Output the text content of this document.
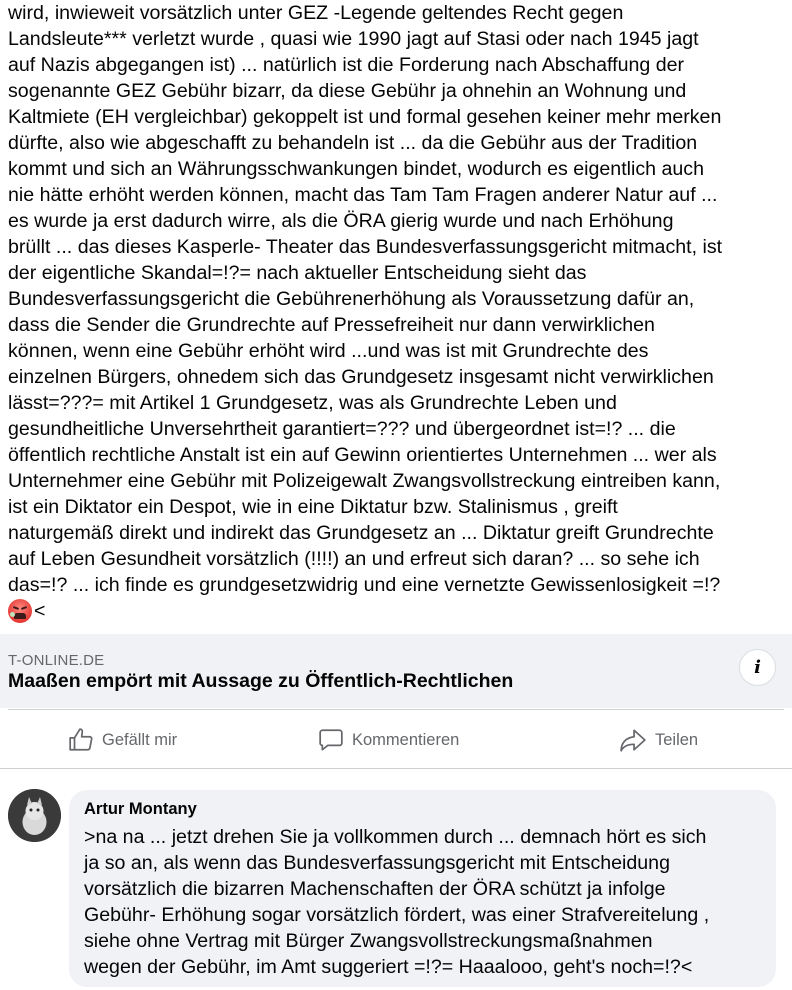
wird, inwieweit vorsätzlich unter GEZ -Legende geltendes Recht gegen
Landsleute*** verletzt wurde , quasi wie 1990 jagt auf Stasi oder nach 1945 jagt
auf Nazis abgegangen ist) ... natürlich ist die Forderung nach Abschaffung der
sogenannte GEZ Gebühr bizarr, da diese Gebühr ja ohnehin an Wohnung und
Kaltmiete (EH vergleichbar) gekoppelt ist und formal gesehen keiner mehr merken
dürfte, also wie abgeschafft zu behandeln ist ... da die Gebühr aus der Tradition
kommt und sich an Währungsschwankungen bindet, wodurch es eigentlich auch
nie hätte erhöht werden können, macht das Tam Tam Fragen anderer Natur auf ...
es wurde ja erst dadurch wirre, als die ÖRA gierig wurde und nach Erhöhung
brüllt ... das dieses Kasperle- Theater das Bundesverfassungsgericht mitmacht, ist
der eigentliche Skandal=!?= nach aktueller Entscheidung sieht das
Bundesverfassungsgericht die Gebührenerhöhung als Voraussetzung dafür an,
dass die Sender die Grundrechte auf Pressefreiheit nur dann verwirklichen
können, wenn eine Gebühr erhöht wird ...und was ist mit Grundrechte des
einzelnen Bürgers, ohnedem sich das Grundgesetz insgesamt nicht verwirklichen
lässt=???= mit Artikel 1 Grundgesetz, was als Grundrechte Leben und
gesundheitliche Unversehrtheit garantiert=??? und übergeordnet ist=!? ... die
öffentlich rechtliche Anstalt ist ein auf Gewinn orientiertes Unternehmen ... wer als
Unternehmer eine Gebühr mit Polizeigewalt Zwangsvollstreckung eintreiben kann,
ist ein Diktator ein Despot, wie in eine Diktatur bzw. Stalinismus , greift
naturgemäß direkt und indirekt das Grundgesetz an ... Diktatur greift Grundrechte
auf Leben Gesundheit vorsätzlich (!!!!) an und erfreut sich daran? ... so sehe ich
das=!? ... ich finde es grundgesetzwidrig und eine vernetzte Gewissenlosigkeit =!?
<
T-ONLINE.DE
Maaßen empört mit Aussage zu Öffentlich-Rechtlichen
i
Gefällt mir	Kommentieren	Teilen
Artur Montany
>na na ... jetzt drehen Sie ja vollkommen durch ... demnach hört es sich
ja so an, als wenn das Bundesverfassungsgericht mit Entscheidung
vorsätzlich die bizarren Machenschaften der ÖRA schützt ja infolge
Gebühr- Erhöhung sogar vorsätzlich fördert, was einer Strafvereitelung ,
siehe ohne Vertrag mit Bürger Zwangsvollstreckungsmaßnahmen
wegen der Gebühr, im Amt suggeriert =!?= Haaalooo, geht's noch=!?<
